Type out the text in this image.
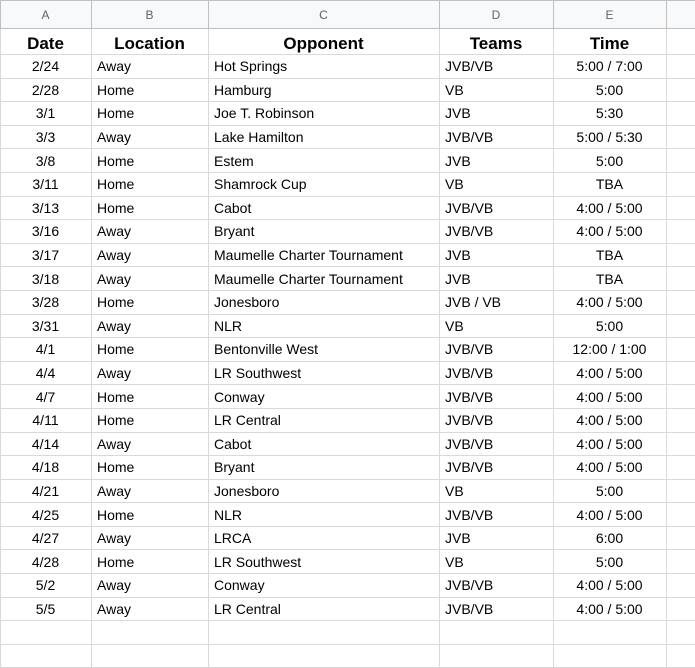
A	B	C	D	E	
Date	Location	Opponent	Teams	Time	
2/24	Away	Hot Springs	JVB/VB	5:00 / 7:00	
2/28	Home	Hamburg	VB	5:00	
3/1	Home	Joe T. Robinson	JVB	5:30	
3/3	Away	Lake Hamilton	JVB/VB	5:00 / 5:30	
3/8	Home	Estem	JVB	5:00	
3/11	Home	Shamrock Cup	VB	TBA	
3/13	Home	Cabot	JVB/VB	4:00 / 5:00	
3/16	Away	Bryant	JVB/VB	4:00 / 5:00	
3/17	Away	Maumelle Charter Tournament	JVB	TBA	
3/18	Away	Maumelle Charter Tournament	JVB	TBA	
3/28	Home	Jonesboro	JVB / VB	4:00 / 5:00	
3/31	Away	NLR	VB	5:00	
4/1	Home	Bentonville West	JVB/VB	12:00 / 1:00	
4/4	Away	LR Southwest	JVB/VB	4:00 / 5:00	
4/7	Home	Conway	JVB/VB	4:00 / 5:00	
4/11	Home	LR Central	JVB/VB	4:00 / 5:00	
4/14	Away	Cabot	JVB/VB	4:00 / 5:00	
4/18	Home	Bryant	JVB/VB	4:00 / 5:00	
4/21	Away	Jonesboro	VB	5:00	
4/25	Home	NLR	JVB/VB	4:00 / 5:00	
4/27	Away	LRCA	JVB	6:00	
4/28	Home	LR Southwest	VB	5:00	
5/2	Away	Conway	JVB/VB	4:00 / 5:00	
5/5	Away	LR Central	JVB/VB	4:00 / 5:00	
